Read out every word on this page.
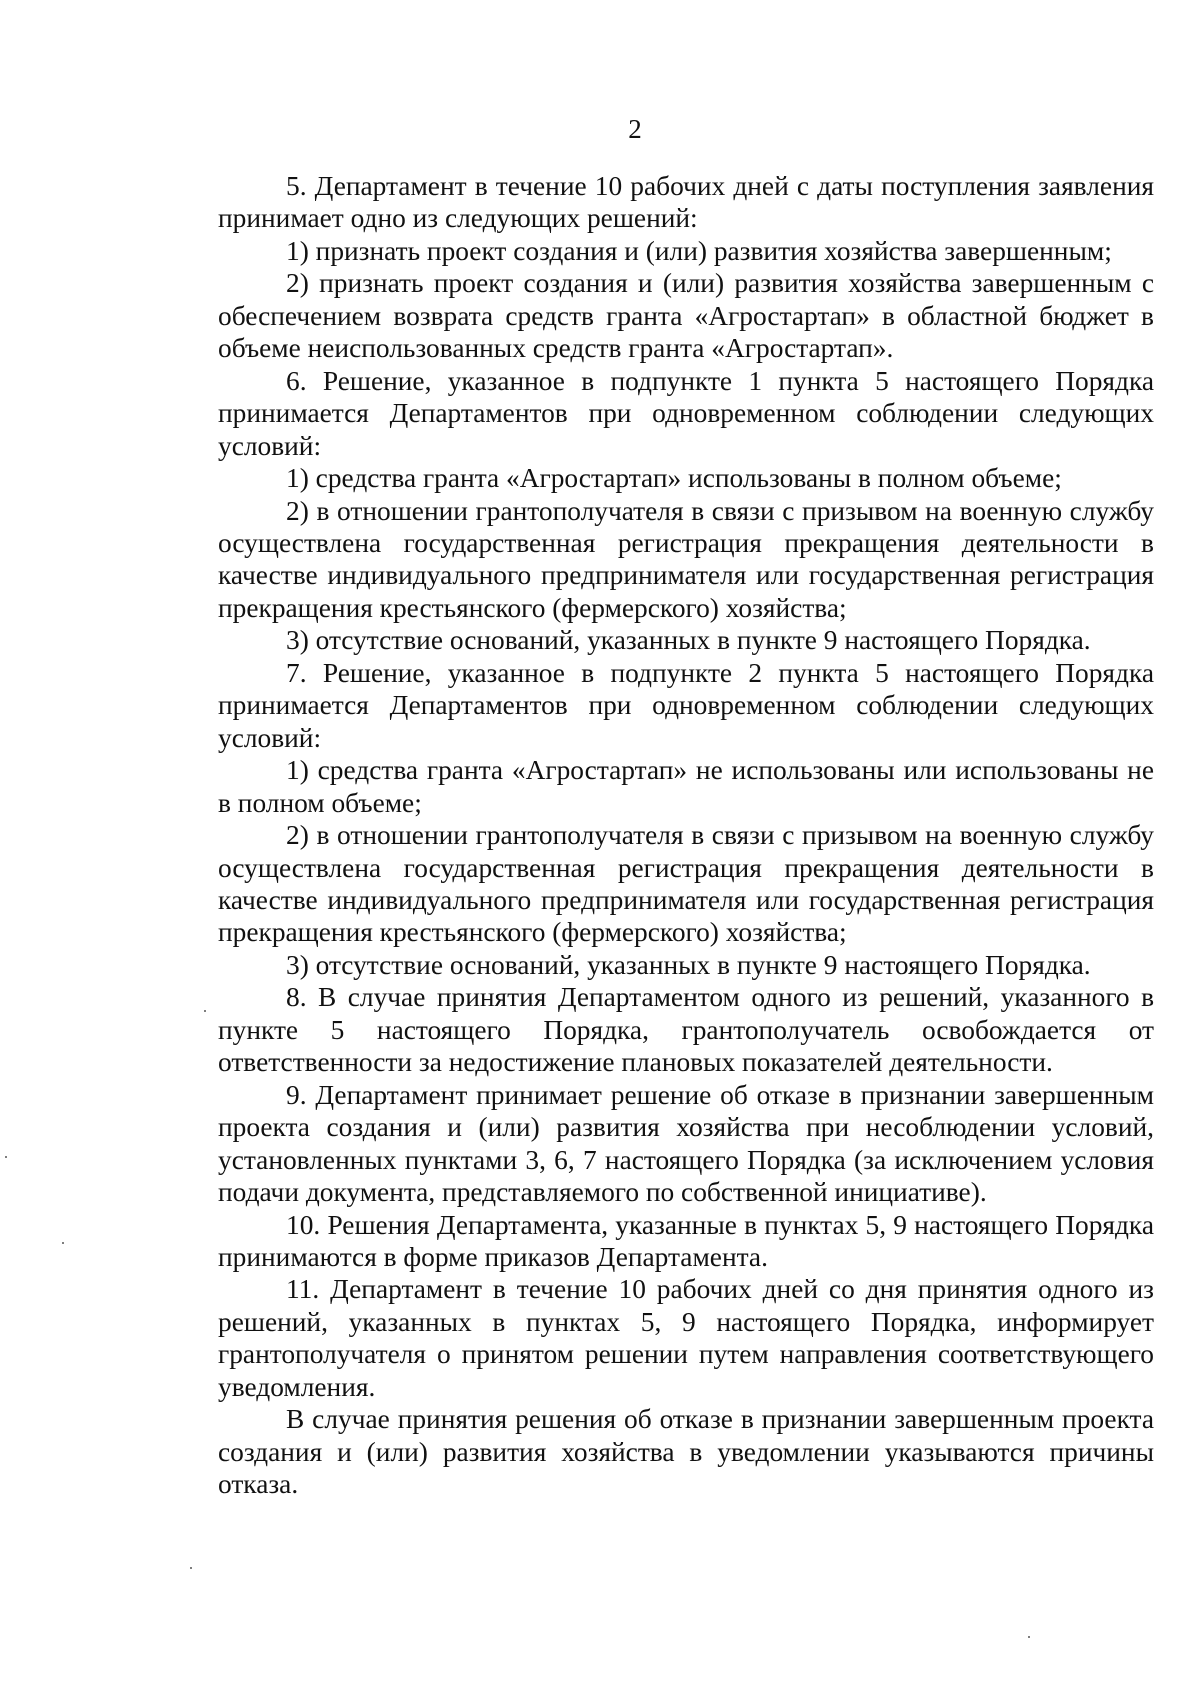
2

5. Департамент в течение 10 рабочих дней с даты поступления заявления принимает одно из следующих решений:

1) признать проект создания и (или) развития хозяйства завершенным;

2) признать проект создания и (или) развития хозяйства завершенным с обеспечением возврата средств гранта «Агростартап» в областной бюджет в объеме неиспользованных средств гранта «Агростартап».

6. Решение, указанное в подпункте 1 пункта 5 настоящего Порядка принимается Департаментов при одновременном соблюдении следующих условий:

1) средства гранта «Агростартап» использованы в полном объеме;

2) в отношении грантополучателя в связи с призывом на военную службу осуществлена государственная регистрация прекращения деятельности в качестве индивидуального предпринимателя или государственная регистрация прекращения крестьянского (фермерского) хозяйства;

3) отсутствие оснований, указанных в пункте 9 настоящего Порядка.

7. Решение, указанное в подпункте 2 пункта 5 настоящего Порядка принимается Департаментов при одновременном соблюдении следующих условий:

1) средства гранта «Агростартап» не использованы или использованы не в полном объеме;

2) в отношении грантополучателя в связи с призывом на военную службу осуществлена государственная регистрация прекращения деятельности в качестве индивидуального предпринимателя или государственная регистрация прекращения крестьянского (фермерского) хозяйства;

3) отсутствие оснований, указанных в пункте 9 настоящего Порядка.

8. В случае принятия Департаментом одного из решений, указанного в пункте 5 настоящего Порядка, грантополучатель освобождается от ответственности за недостижение плановых показателей деятельности.

9. Департамент принимает решение об отказе в признании завершенным проекта создания и (или) развития хозяйства при несоблюдении условий, установленных пунктами 3, 6, 7 настоящего Порядка (за исключением условия подачи документа, представляемого по собственной инициативе).

10. Решения Департамента, указанные в пунктах 5, 9 настоящего Порядка принимаются в форме приказов Департамента.

11. Департамент в течение 10 рабочих дней со дня принятия одного из решений, указанных в пунктах 5, 9 настоящего Порядка, информирует грантополучателя о принятом решении путем направления соответствующего уведомления.

В случае принятия решения об отказе в признании завершенным проекта создания и (или) развития хозяйства в уведомлении указываются причины отказа.
